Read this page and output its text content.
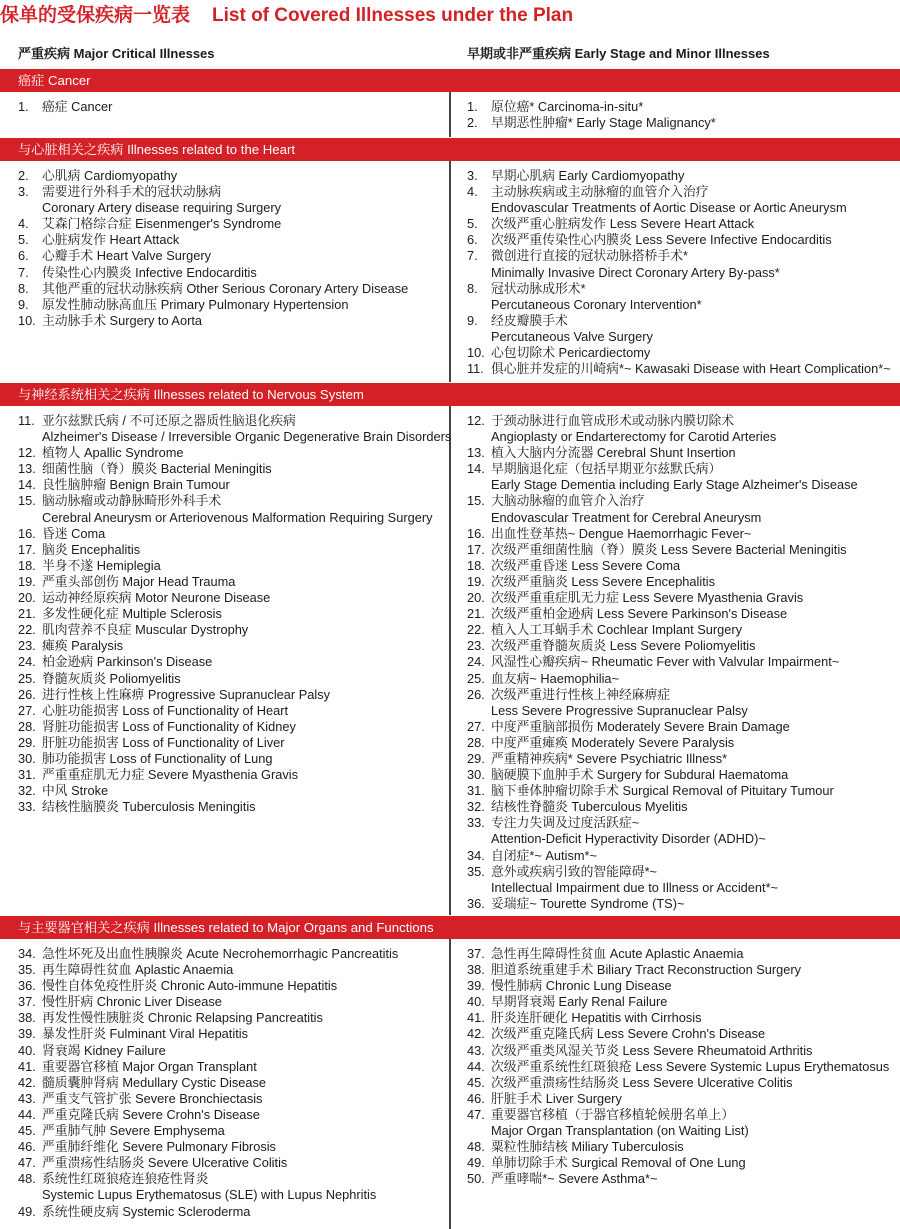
保单的受保疾病一览表 List of Covered Illnesses under the Plan
严重疾病 Major Critical Illnesses	早期或非严重疾病 Early Stage and Minor Illnesses
癌症 Cancer
1.	癌症 Cancer	1.	原位癌* Carcinoma-in-situ*
2.	早期恶性肿瘤* Early Stage Malignancy*
与心脏相关之疾病 Illnesses related to the Heart
2.	心肌病 Cardiomyopathy
3.	需要进行外科手术的冠状动脉病
Coronary Artery disease requiring Surgery
4.	艾森门格综合症 Eisenmenger's Syndrome
5.	心脏病发作 Heart Attack
6.	心瓣手术 Heart Valve Surgery
7.	传染性心内膜炎 Infective Endocarditis
8.	其他严重的冠状动脉疾病 Other Serious Coronary Artery Disease
9.	原发性肺动脉高血压 Primary Pulmonary Hypertension
10. 主动脉手术 Surgery to Aorta
3.	早期心肌病 Early Cardiomyopathy
4.	主动脉疾病或主动脉瘤的血管介入治疗
Endovascular Treatments of Aortic Disease or Aortic Aneurysm
5.	次级严重心脏病发作 Less Severe Heart Attack
6.	次级严重传染性心内膜炎 Less Severe Infective Endocarditis
7.	微创进行直接的冠状动脉搭桥手术*
Minimally Invasive Direct Coronary Artery By-pass*
8.	冠状动脉成形术*
Percutaneous Coronary Intervention*
9.	经皮瓣膜手术
Percutaneous Valve Surgery
10. 心包切除术 Pericardiectomy
11. 俱心脏并发症的川崎病*~ Kawasaki Disease with Heart Complication*~
与神经系统相关之疾病 Illnesses related to Nervous System
11. 亚尔兹默氏病 / 不可还原之器质性脑退化疾病
Alzheimer's Disease / Irreversible Organic Degenerative Brain Disorders
12. 植物人 Apallic Syndrome
13. 细菌性脑（脊）膜炎 Bacterial Meningitis
14. 良性脑肿瘤 Benign Brain Tumour
15. 脑动脉瘤或动静脉畸形外科手术
Cerebral Aneurysm or Arteriovenous Malformation Requiring Surgery
16. 昏迷 Coma
17. 脑炎 Encephalitis
18. 半身不遂 Hemiplegia
19. 严重头部创伤 Major Head Trauma
20. 运动神经原疾病 Motor Neurone Disease
21. 多发性硬化症 Multiple Sclerosis
22. 肌肉营养不良症 Muscular Dystrophy
23. 瘫痪 Paralysis
24. 柏金逊病 Parkinson's Disease
25. 脊髓灰质炎 Poliomyelitis
26. 进行性核上性麻痹 Progressive Supranuclear Palsy
27. 心脏功能损害 Loss of Functionality of Heart
28. 肾脏功能损害 Loss of Functionality of Kidney
29. 肝脏功能损害 Loss of Functionality of Liver
30. 肺功能损害 Loss of Functionality of Lung
31. 严重重症肌无力症 Severe Myasthenia Gravis
32. 中风 Stroke
33. 结核性脑膜炎 Tuberculosis Meningitis
12. 于颈动脉进行血管成形术或动脉内膜切除术
Angioplasty or Endarterectomy for Carotid Arteries
13. 植入大脑内分流器 Cerebral Shunt Insertion
14. 早期脑退化症（包括早期亚尔兹默氏病）
Early Stage Dementia including Early Stage Alzheimer's Disease
15. 大脑动脉瘤的血管介入治疗
Endovascular Treatment for Cerebral Aneurysm
16. 出血性登革热~ Dengue Haemorrhagic Fever~
17. 次级严重细菌性脑（脊）膜炎 Less Severe Bacterial Meningitis
18. 次级严重昏迷 Less Severe Coma
19. 次级严重脑炎 Less Severe Encephalitis
20. 次级严重重症肌无力症 Less Severe Myasthenia Gravis
21. 次级严重柏金逊病 Less Severe Parkinson's Disease
22. 植入人工耳蜗手术 Cochlear Implant Surgery
23. 次级严重脊髓灰质炎 Less Severe Poliomyelitis
24. 风湿性心瓣疾病~ Rheumatic Fever with Valvular Impairment~
25. 血友病~ Haemophilia~
26. 次级严重进行性核上神经麻痹症
Less Severe Progressive Supranuclear Palsy
27. 中度严重脑部损伤 Moderately Severe Brain Damage
28. 中度严重瘫痪 Moderately Severe Paralysis
29. 严重精神疾病* Severe Psychiatric Illness*
30. 脑硬膜下血肿手术 Surgery for Subdural Haematoma
31. 脑下垂体肿瘤切除手术 Surgical Removal of Pituitary Tumour
32. 结核性脊髓炎 Tuberculous Myelitis
33. 专注力失调及过度活跃症~
Attention-Deficit Hyperactivity Disorder (ADHD)~
34. 自闭症*~ Autism*~
35. 意外或疾病引致的智能障碍*~
Intellectual Impairment due to Illness or Accident*~
36. 妥瑞症~ Tourette Syndrome (TS)~
与主要器官相关之疾病 Illnesses related to Major Organs and Functions
34. 急性坏死及出血性胰腺炎 Acute Necrohemorrhagic Pancreatitis
35. 再生障碍性贫血 Aplastic Anaemia
36. 慢性自体免疫性肝炎 Chronic Auto-immune Hepatitis
37. 慢性肝病 Chronic Liver Disease
38. 再发性慢性胰脏炎 Chronic Relapsing Pancreatitis
39. 暴发性肝炎 Fulminant Viral Hepatitis
40. 肾衰竭 Kidney Failure
41. 重要器官移植 Major Organ Transplant
42. 髓质囊肿肾病 Medullary Cystic Disease
43. 严重支气管扩张 Severe Bronchiectasis
44. 严重克隆氏病 Severe Crohn's Disease
45. 严重肺气肿 Severe Emphysema
46. 严重肺纤维化 Severe Pulmonary Fibrosis
47. 严重溃疡性结肠炎 Severe Ulcerative Colitis
48. 系统性红斑狼疮连狼疮性肾炎
Systemic Lupus Erythematosus (SLE) with Lupus Nephritis
49. 系统性硬皮病 Systemic Scleroderma
37. 急性再生障碍性贫血 Acute Aplastic Anaemia
38. 胆道系统重建手术 Biliary Tract Reconstruction Surgery
39. 慢性肺病 Chronic Lung Disease
40. 早期肾衰竭 Early Renal Failure
41. 肝炎连肝硬化 Hepatitis with Cirrhosis
42. 次级严重克隆氏病 Less Severe Crohn's Disease
43. 次级严重类风湿关节炎 Less Severe Rheumatoid Arthritis
44. 次级严重系统性红斑狼疮 Less Severe Systemic Lupus Erythematosus
45. 次级严重溃疡性结肠炎 Less Severe Ulcerative Colitis
46. 肝脏手术 Liver Surgery
47. 重要器官移植（于器官移植轮候册名单上）
Major Organ Transplantation (on Waiting List)
48. 粟粒性肺结核 Miliary Tuberculosis
49. 单肺切除手术 Surgical Removal of One Lung
50. 严重哮喘*~ Severe Asthma*~
